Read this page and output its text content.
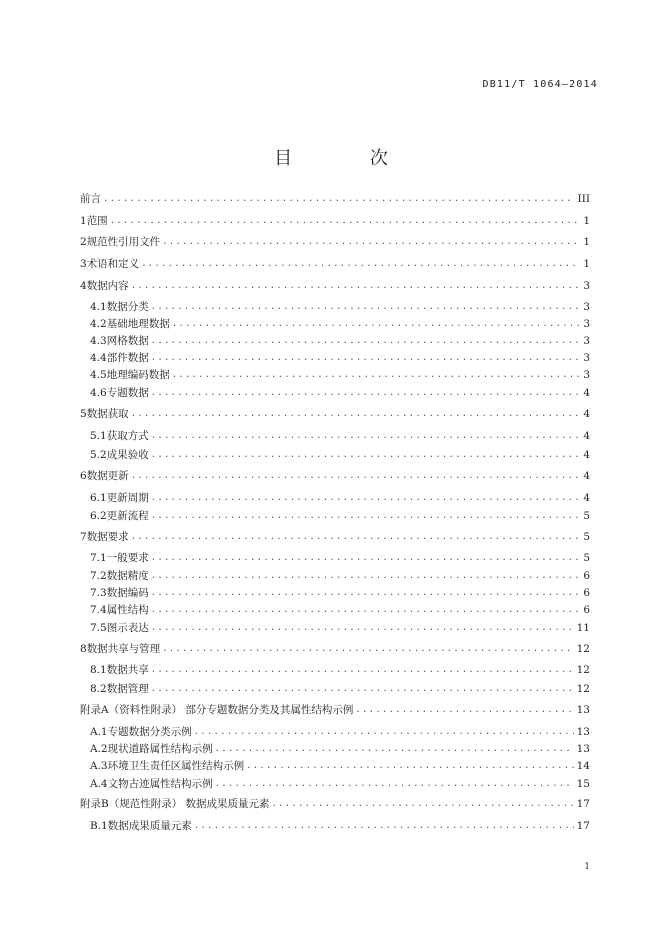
DB11/T 1064—2014
目 次
前言 .....	III
1 范围 .....	1
2 规范性引用文件 .....	1
3 术语和定义 .....	1
4 数据内容 .....	3
4.1 数据分类 .....	3
4.2 基础地理数据 .....	3
4.3 网格数据 .....	3
4.4 部件数据 .....	3
4.5 地理编码数据 .....	3
4.6 专题数据 .....	4
5 数据获取 .....	4
5.1 获取方式 .....	4
5.2 成果验收 .....	4
6 数据更新 .....	4
6.1 更新周期 .....	4
6.2 更新流程 .....	5
7 数据要求 .....	5
7.1 一般要求 .....	5
7.2 数据精度 .....	6
7.3 数据编码 .....	6
7.4 属性结构 .....	6
7.5 图示表达 .....	11
8 数据共享与管理 .....	12
8.1 数据共享 .....	12
8.2 数据管理 .....	12
附录A（资料性附录） 部分专题数据分类及其属性结构示例 .....	13
A.1 专题数据分类示例 .....	13
A.2 现状道路属性结构示例 .....	13
A.3 环境卫生责任区属性结构示例 .....	14
A.4 文物古迹属性结构示例 .....	15
附录B（规范性附录） 数据成果质量元素 .....	17
B.1 数据成果质量元素 .....	17
1
